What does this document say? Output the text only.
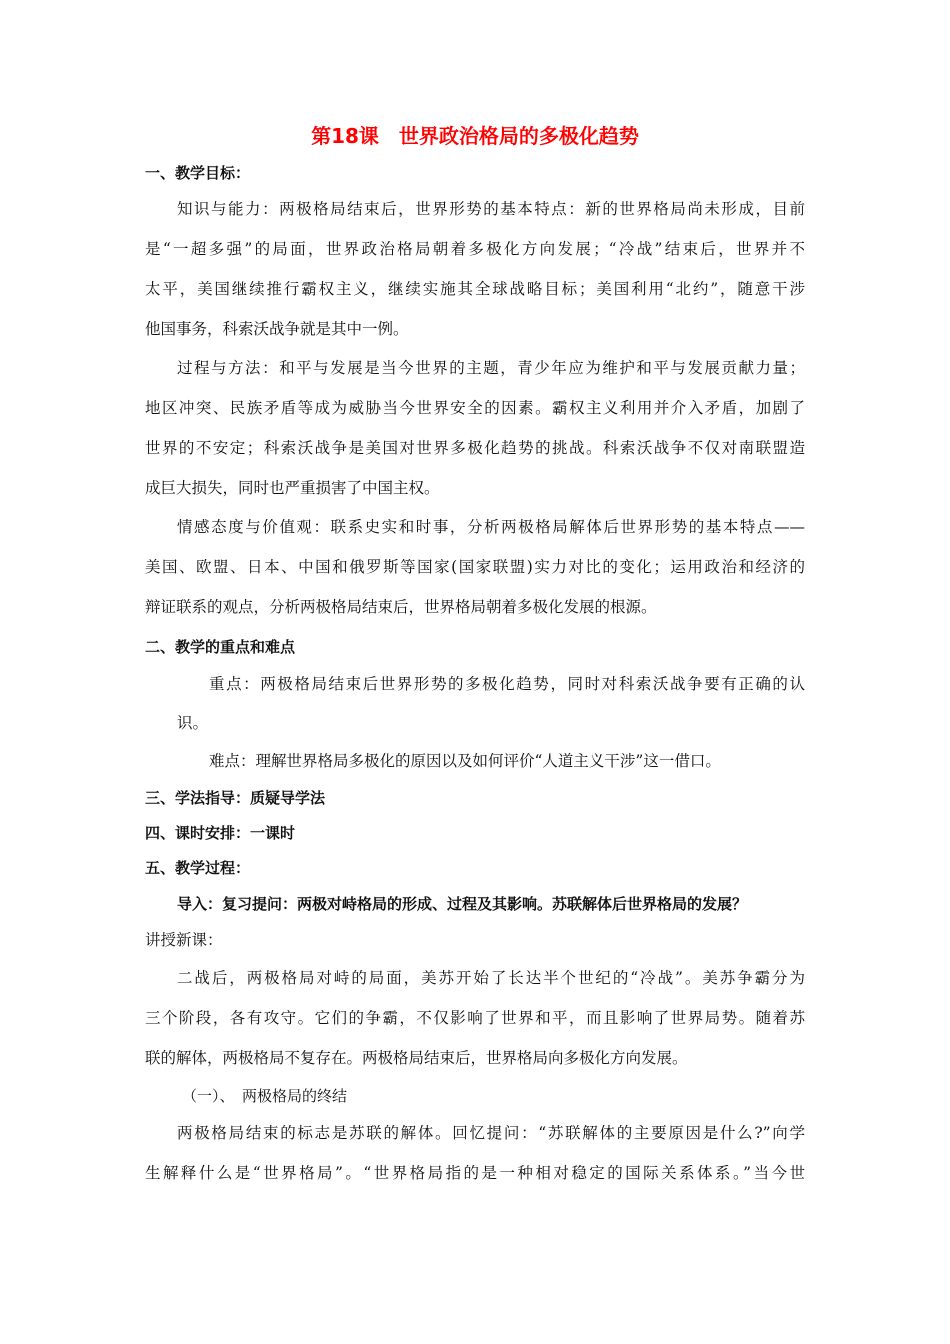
第18课　世界政治格局的多极化趋势
一、教学目标：
知识与能力：两极格局结束后，世界形势的基本特点：新的世界格局尚未形成，目前
是“一超多强”的局面，世界政治格局朝着多极化方向发展；“冷战”结束后，世界并不
太平，美国继续推行霸权主义，继续实施其全球战略目标；美国利用“北约”，随意干涉
他国事务，科索沃战争就是其中一例。
过程与方法：和平与发展是当今世界的主题，青少年应为维护和平与发展贡献力量；
地区冲突、民族矛盾等成为威胁当今世界安全的因素。霸权主义利用并介入矛盾，加剧了
世界的不安定；科索沃战争是美国对世界多极化趋势的挑战。科索沃战争不仅对南联盟造
成巨大损失，同时也严重损害了中国主权。
情感态度与价值观：联系史实和时事，分析两极格局解体后世界形势的基本特点——
美国、欧盟、日本、中国和俄罗斯等国家(国家联盟)实力对比的变化；运用政治和经济的
辩证联系的观点，分析两极格局结束后，世界格局朝着多极化发展的根源。
二、教学的重点和难点
重点：两极格局结束后世界形势的多极化趋势，同时对科索沃战争要有正确的认
识。
难点：理解世界格局多极化的原因以及如何评价“人道主义干涉”这一借口。
三、学法指导：质疑导学法
四、课时安排：一课时
五、教学过程：
导入：复习提问：两极对峙格局的形成、过程及其影响。苏联解体后世界格局的发展？
讲授新课：
二战后，两极格局对峙的局面，美苏开始了长达半个世纪的“冷战”。美苏争霸分为
三个阶段，各有攻守。它们的争霸，不仅影响了世界和平，而且影响了世界局势。随着苏
联的解体，两极格局不复存在。两极格局结束后，世界格局向多极化方向发展。
（一）、　两极格局的终结
两极格局结束的标志是苏联的解体。回忆提问：“苏联解体的主要原因是什么?”向学
生解释什么是“世界格局”。“世界格局指的是一种相对稳定的国际关系体系。”当今世
